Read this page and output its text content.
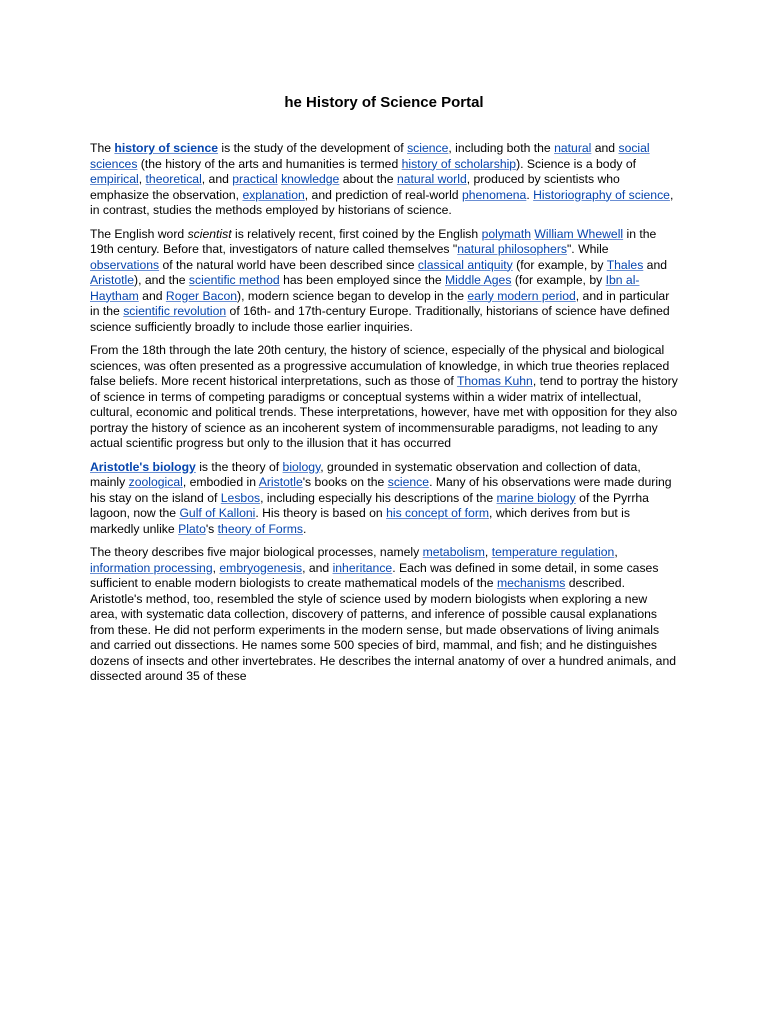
he History of Science Portal

The history of science is the study of the development of science, including both the natural and social sciences (the history of the arts and humanities is termed history of scholarship). Science is a body of empirical, theoretical, and practical knowledge about the natural world, produced by scientists who emphasize the observation, explanation, and prediction of real-world phenomena. Historiography of science, in contrast, studies the methods employed by historians of science.

The English word scientist is relatively recent, first coined by the English polymath William Whewell in the 19th century. Before that, investigators of nature called themselves "natural philosophers". While observations of the natural world have been described since classical antiquity (for example, by Thales and Aristotle), and the scientific method has been employed since the Middle Ages (for example, by Ibn al-Haytham and Roger Bacon), modern science began to develop in the early modern period, and in particular in the scientific revolution of 16th- and 17th-century Europe. Traditionally, historians of science have defined science sufficiently broadly to include those earlier inquiries.

From the 18th through the late 20th century, the history of science, especially of the physical and biological sciences, was often presented as a progressive accumulation of knowledge, in which true theories replaced false beliefs. More recent historical interpretations, such as those of Thomas Kuhn, tend to portray the history of science in terms of competing paradigms or conceptual systems within a wider matrix of intellectual, cultural, economic and political trends. These interpretations, however, have met with opposition for they also portray the history of science as an incoherent system of incommensurable paradigms, not leading to any actual scientific progress but only to the illusion that it has occurred

Aristotle's biology is the theory of biology, grounded in systematic observation and collection of data, mainly zoological, embodied in Aristotle's books on the science. Many of his observations were made during his stay on the island of Lesbos, including especially his descriptions of the marine biology of the Pyrrha lagoon, now the Gulf of Kalloni. His theory is based on his concept of form, which derives from but is markedly unlike Plato's theory of Forms.

The theory describes five major biological processes, namely metabolism, temperature regulation, information processing, embryogenesis, and inheritance. Each was defined in some detail, in some cases sufficient to enable modern biologists to create mathematical models of the mechanisms described. Aristotle's method, too, resembled the style of science used by modern biologists when exploring a new area, with systematic data collection, discovery of patterns, and inference of possible causal explanations from these. He did not perform experiments in the modern sense, but made observations of living animals and carried out dissections. He names some 500 species of bird, mammal, and fish; and he distinguishes dozens of insects and other invertebrates. He describes the internal anatomy of over a hundred animals, and dissected around 35 of these
